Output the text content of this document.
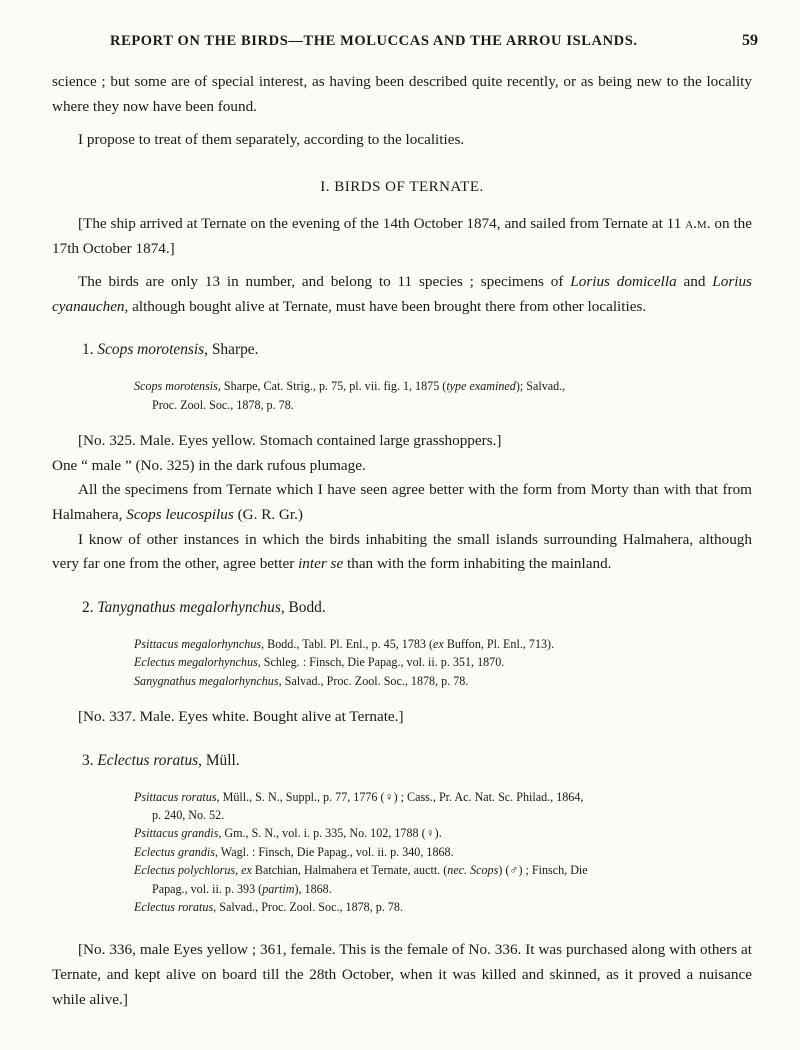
REPORT ON THE BIRDS—THE MOLUCCAS AND THE ARROU ISLANDS.	59

science ; but some are of special interest, as having been described quite recently, or as being new to the locality where they now have been found.

I propose to treat of them separately, according to the localities.

I. BIRDS OF TERNATE.

[The ship arrived at Ternate on the evening of the 14th October 1874, and sailed from Ternate at 11 a.m. on the 17th October 1874.]

The birds are only 13 in number, and belong to 11 species ; specimens of Lorius domicella and Lorius cyanauchen, although bought alive at Ternate, must have been brought there from other localities.

1. Scops morotensis, Sharpe.

Scops morotensis, Sharpe, Cat. Strig., p. 75, pl. vii. fig. 1, 1875 (type examined); Salvad.,

Proc. Zool. Soc., 1878, p. 78.

[No. 325. Male. Eyes yellow. Stomach contained large grasshoppers.]

One “ male ” (No. 325) in the dark rufous plumage.

All the specimens from Ternate which I have seen agree better with the form from Morty than with that from Halmahera, Scops leucospilus (G. R. Gr.)

I know of other instances in which the birds inhabiting the small islands surrounding Halmahera, although very far one from the other, agree better inter se than with the form inhabiting the mainland.

2. Tanygnathus megalorhynchus, Bodd.

Psittacus megalorhynchus, Bodd., Tabl. Pl. Enl., p. 45, 1783 (ex Buffon, Pl. Enl., 713).

Eclectus megalorhynchus, Schleg. : Finsch, Die Papag., vol. ii. p. 351, 1870.

Sanygnathus megalorhynchus, Salvad., Proc. Zool. Soc., 1878, p. 78.

[No. 337. Male. Eyes white. Bought alive at Ternate.]

3. Eclectus roratus, Müll.

Psittacus roratus, Müll., S. N., Suppl., p. 77, 1776 (♀) ; Cass., Pr. Ac. Nat. Sc. Philad., 1864,

p. 240, No. 52.

Psittacus grandis, Gm., S. N., vol. i. p. 335, No. 102, 1788 (♀).

Eclectus grandis, Wagl. : Finsch, Die Papag., vol. ii. p. 340, 1868.

Eclectus polychlorus, ex Batchian, Halmahera et Ternate, auctt. (nec. Scops) (♂) ; Finsch, Die

Papag., vol. ii. p. 393 (partim), 1868.

Eclectus roratus, Salvad., Proc. Zool. Soc., 1878, p. 78.

[No. 336, male Eyes yellow ; 361, female. This is the female of No. 336. It was purchased along with others at Ternate, and kept alive on board till the 28th October, when it was killed and skinned, as it proved a nuisance while alive.]
